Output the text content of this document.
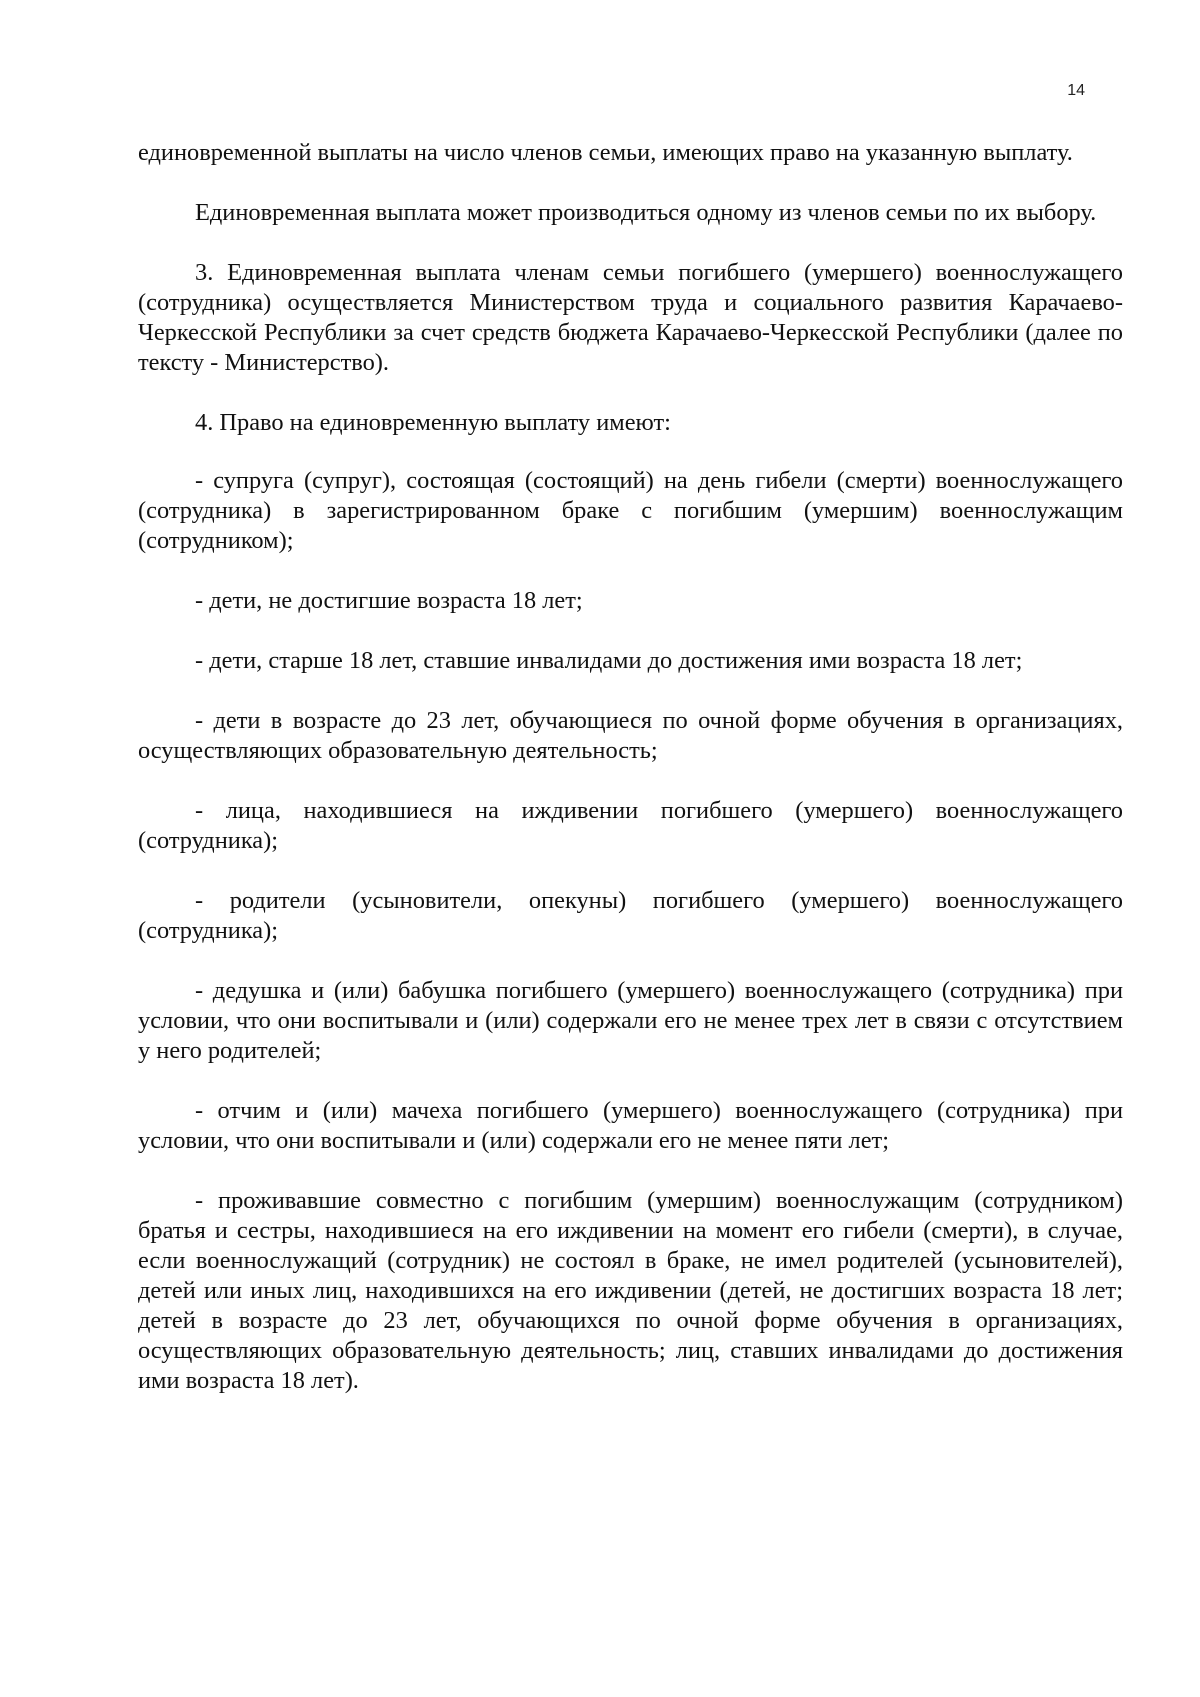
14

единовременной выплаты на число членов семьи, имеющих право на указанную выплату.

Единовременная выплата может производиться одному из членов семьи по их выбору.

3. Единовременная выплата членам семьи погибшего (умершего) военнослужащего (сотрудника) осуществляется Министерством труда и социального развития Карачаево-Черкесской Республики за счет средств бюджета Карачаево-Черкесской Республики (далее по тексту - Министерство).

4. Право на единовременную выплату имеют:

- супруга (супруг), состоящая (состоящий) на день гибели (смерти) военнослужащего (сотрудника) в зарегистрированном браке с погибшим (умершим) военнослужащим (сотрудником);

- дети, не достигшие возраста 18 лет;

- дети, старше 18 лет, ставшие инвалидами до достижения ими возраста 18 лет;

- дети в возрасте до 23 лет, обучающиеся по очной форме обучения в организациях, осуществляющих образовательную деятельность;

- лица, находившиеся на иждивении погибшего (умершего) военнослужащего (сотрудника);

- родители (усыновители, опекуны) погибшего (умершего) военнослужащего (сотрудника);

- дедушка и (или) бабушка погибшего (умершего) военнослужащего (сотрудника) при условии, что они воспитывали и (или) содержали его не менее трех лет в связи с отсутствием у него родителей;

- отчим и (или) мачеха погибшего (умершего) военнослужащего (сотрудника) при условии, что они воспитывали и (или) содержали его не менее пяти лет;

- проживавшие совместно с погибшим (умершим) военнослужащим (сотрудником) братья и сестры, находившиеся на его иждивении на момент его гибели (смерти), в случае, если военнослужащий (сотрудник) не состоял в браке, не имел родителей (усыновителей), детей или иных лиц, находившихся на его иждивении (детей, не достигших возраста 18 лет; детей в возрасте до 23 лет, обучающихся по очной форме обучения в организациях, осуществляющих образовательную деятельность; лиц, ставших инвалидами до достижения ими возраста 18 лет).
